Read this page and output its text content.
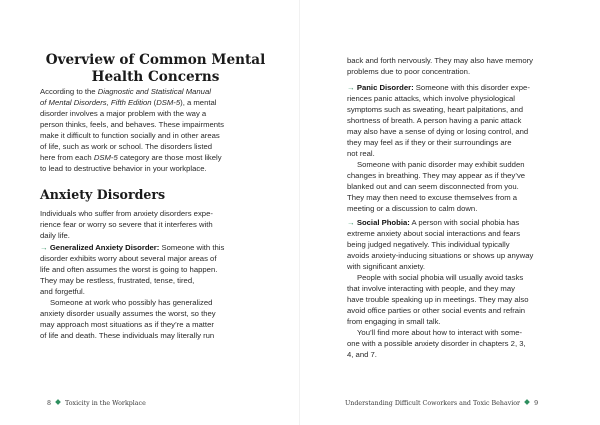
Overview of Common Mental
Health Concerns
According to the Diagnostic and Statistical Manual
of Mental Disorders, Fifth Edition (DSM-5), a mental
disorder involves a major problem with the way a
person thinks, feels, and behaves. These impairments
make it difficult to function socially and in other areas
of life, such as work or school. The disorders listed
here from each DSM-5 category are those most likely
to lead to destructive behavior in your workplace.
Anxiety Disorders
Individuals who suffer from anxiety disorders expe-
rience fear or worry so severe that it interferes with
daily life.
→ Generalized Anxiety Disorder: Someone with this
disorder exhibits worry about several major areas of
life and often assumes the worst is going to happen.
They may be restless, frustrated, tense, tired,
and forgetful.
Someone at work who possibly has generalized
anxiety disorder usually assumes the worst, so they
may approach most situations as if they’re a matter
of life and death. These individuals may literally run
8 Toxicity in the Workplace
back and forth nervously. They may also have memory
problems due to poor concentration.
→ Panic Disorder: Someone with this disorder expe-
riences panic attacks, which involve physiological
symptoms such as sweating, heart palpitations, and
shortness of breath. A person having a panic attack
may also have a sense of dying or losing control, and
they may feel as if they or their surroundings are
not real.
Someone with panic disorder may exhibit sudden
changes in breathing. They may appear as if they’ve
blanked out and can seem disconnected from you.
They may then need to excuse themselves from a
meeting or a discussion to calm down.
→ Social Phobia: A person with social phobia has
extreme anxiety about social interactions and fears
being judged negatively. This individual typically
avoids anxiety-inducing situations or shows up anyway
with significant anxiety.
People with social phobia will usually avoid tasks
that involve interacting with people, and they may
have trouble speaking up in meetings. They may also
avoid office parties or other social events and refrain
from engaging in small talk.
You’ll find more about how to interact with some-
one with a possible anxiety disorder in chapters 2, 3,
4, and 7.
Understanding Difficult Coworkers and Toxic Behavior 9
